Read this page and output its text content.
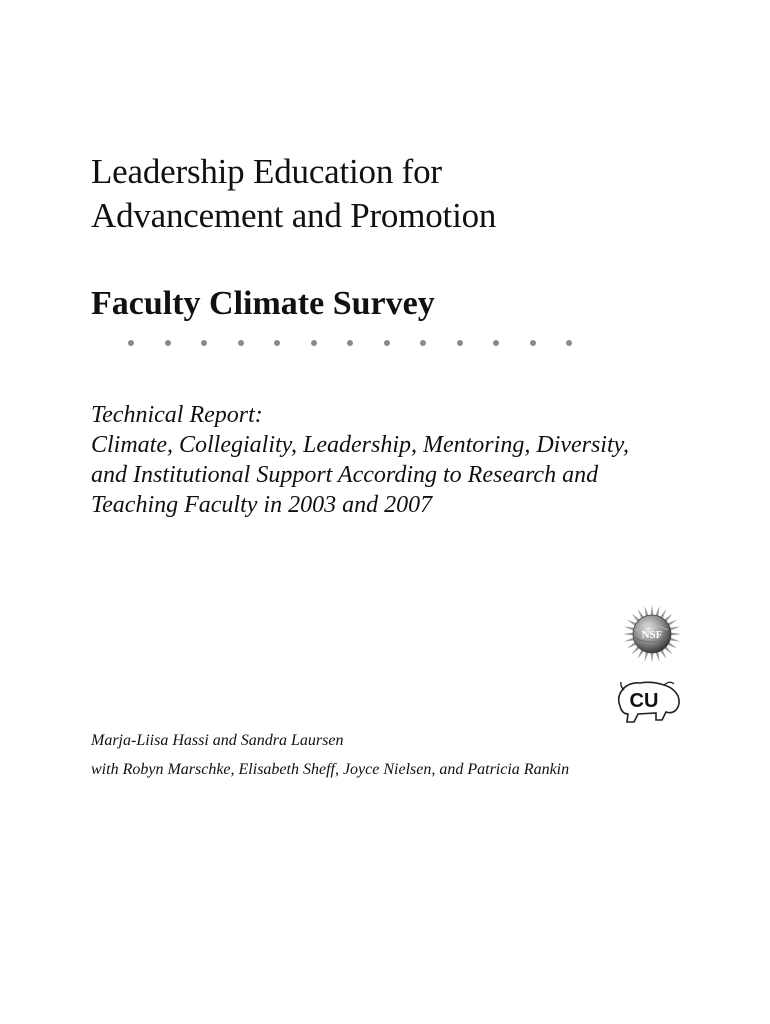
Leadership Education for
Advancement and Promotion
Faculty Climate Survey

Technical Report:
Climate, Collegiality, Leadership, Mentoring, Diversity,
and Institutional Support According to Research and
Teaching Faculty in 2003 and 2007

NSF
CU

Marja-Liisa Hassi and Sandra Laursen

with Robyn Marschke, Elisabeth Sheff, Joyce Nielsen, and Patricia Rankin
